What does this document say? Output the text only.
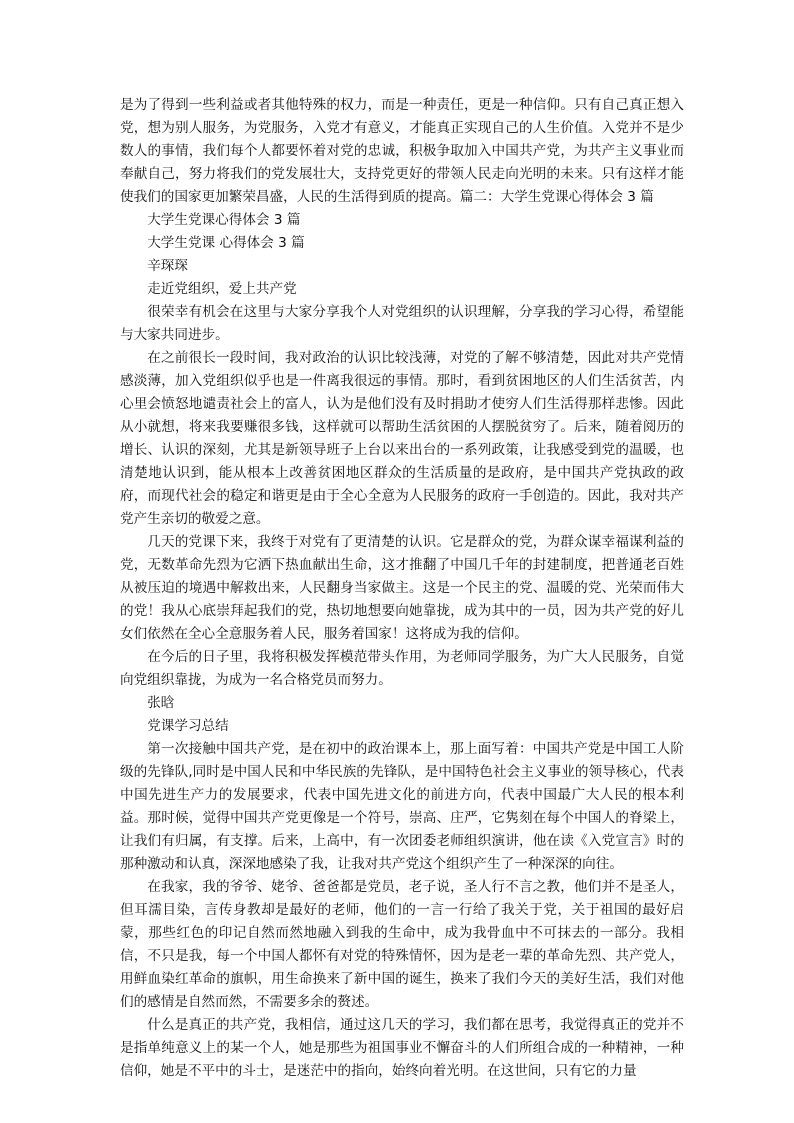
是为了得到一些利益或者其他特殊的权力，而是一种责任，更是一种信仰。只有自己真正想入党，想为别人服务，为党服务，入党才有意义，才能真正实现自己的人生价值。入党并不是少数人的事情，我们每个人都要怀着对党的忠诚，积极争取加入中国共产党，为共产主义事业而奉献自己，努力将我们的党发展壮大，支持党更好的带领人民走向光明的未来。只有这样才能使我们的国家更加繁荣昌盛，人民的生活得到质的提高。篇二：大学生党课心得体会 3 篇

大学生党课心得体会 3 篇

大学生党课 心得体会 3 篇

辛琛琛

走近党组织，爱上共产党

很荣幸有机会在这里与大家分享我个人对党组织的认识理解，分享我的学习心得，希望能与大家共同进步。

在之前很长一段时间，我对政治的认识比较浅薄，对党的了解不够清楚，因此对共产党情感淡薄，加入党组织似乎也是一件离我很远的事情。那时，看到贫困地区的人们生活贫苦，内心里会愤怒地谴责社会上的富人，认为是他们没有及时捐助才使穷人们生活得那样悲惨。因此从小就想，将来我要赚很多钱，这样就可以帮助生活贫困的人摆脱贫穷了。后来，随着阅历的增长、认识的深刻，尤其是新领导班子上台以来出台的一系列政策，让我感受到党的温暖，也清楚地认识到，能从根本上改善贫困地区群众的生活质量的是政府，是中国共产党执政的政府，而现代社会的稳定和谐更是由于全心全意为人民服务的政府一手创造的。因此，我对共产党产生亲切的敬爱之意。

几天的党课下来，我终于对党有了更清楚的认识。它是群众的党，为群众谋幸福谋利益的党，无数革命先烈为它洒下热血献出生命，这才推翻了中国几千年的封建制度，把普通老百姓从被压迫的境遇中解救出来，人民翻身当家做主。这是一个民主的党、温暖的党、光荣而伟大的党！我从心底崇拜起我们的党，热切地想要向她靠拢，成为其中的一员，因为共产党的好儿女们依然在全心全意服务着人民，服务着国家！这将成为我的信仰。

在今后的日子里，我将积极发挥模范带头作用，为老师同学服务，为广大人民服务，自觉向党组织靠拢，为成为一名合格党员而努力。

张晗

党课学习总结

第一次接触中国共产党，是在初中的政治课本上，那上面写着：中国共产党是中国工人阶级的先锋队,同时是中国人民和中华民族的先锋队，是中国特色社会主义事业的领导核心，代表中国先进生产力的发展要求，代表中国先进文化的前进方向，代表中国最广大人民的根本利益。那时候，觉得中国共产党更像是一个符号，崇高、庄严，它隽刻在每个中国人的脊梁上，让我们有归属，有支撑。后来，上高中，有一次团委老师组织演讲，他在读《入党宣言》时的那种激动和认真，深深地感染了我，让我对共产党这个组织产生了一种深深的向往。

在我家，我的爷爷、姥爷、爸爸都是党员，老子说，圣人行不言之教，他们并不是圣人，但耳濡目染，言传身教却是最好的老师，他们的一言一行给了我关于党，关于祖国的最好启蒙，那些红色的印记自然而然地融入到我的生命中，成为我骨血中不可抹去的一部分。我相信，不只是我，每一个中国人都怀有对党的特殊情怀，因为是老一辈的革命先烈、共产党人，用鲜血染红革命的旗帜，用生命换来了新中国的诞生，换来了我们今天的美好生活，我们对他们的感情是自然而然，不需要多余的赘述。

什么是真正的共产党，我相信，通过这几天的学习，我们都在思考，我觉得真正的党并不是指单纯意义上的某一个人，她是那些为祖国事业不懈奋斗的人们所组合成的一种精神，一种信仰，她是不平中的斗士，是迷茫中的指向，始终向着光明。在这世间，只有它的力量
